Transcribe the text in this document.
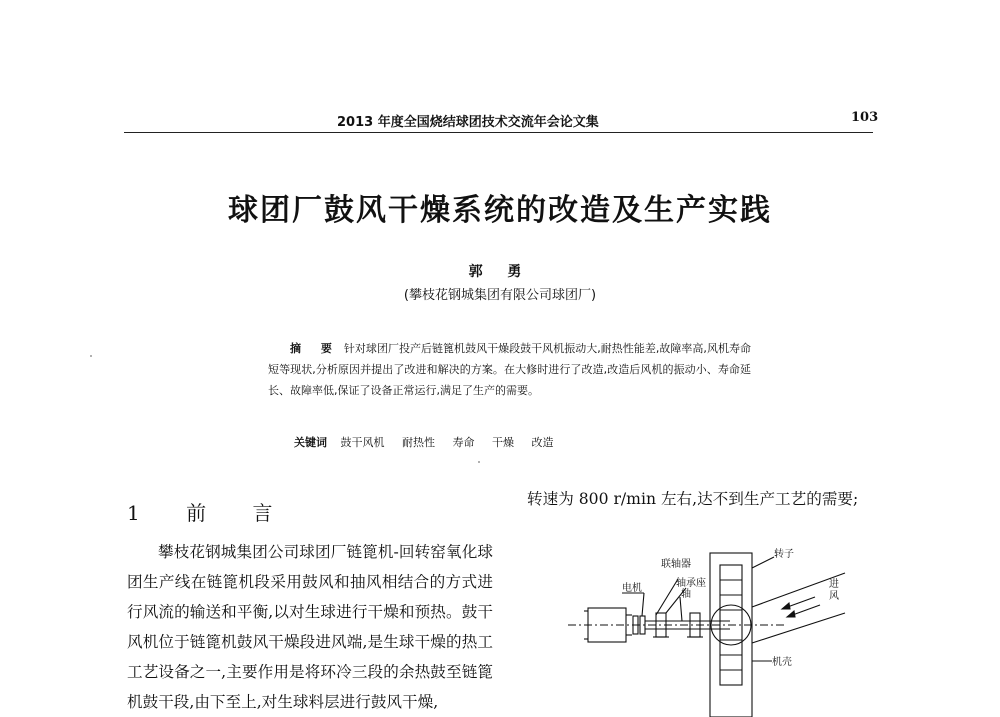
2013 年度全国烧结球团技术交流年会论文集	103
球团厂鼓风干燥系统的改造及生产实践
郭 勇
(攀枝花钢城集团有限公司球团厂)
摘 要 针对球团厂投产后链篦机鼓风干燥段鼓干风机振动大,耐热性能差,故障率高,风机寿命短等现状,分析原因并提出了改进和解决的方案。在大修时进行了改造,改造后风机的振动小、寿命延长、故障率低,保证了设备正常运行,满足了生产的需要。
关键词 鼓干风机 耐热性 寿命 干燥 改造
1 前 言
攀枝花钢城集团公司球团厂链篦机-回转窑氧化球团生产线在链篦机段采用鼓风和抽风相结合的方式进行风流的输送和平衡,以对生球进行干燥和预热。鼓干风机位于链篦机鼓风干燥段进风端,是生球干燥的热工工艺设备之一,主要作用是将环冷三段的余热鼓至链篦机鼓干段,由下至上,对生球料层进行鼓风干燥,
转速为 800 r/min 左右,达不到生产工艺的需要;
转子
联轴器
电机	轴承座
轴
机壳
进
风
